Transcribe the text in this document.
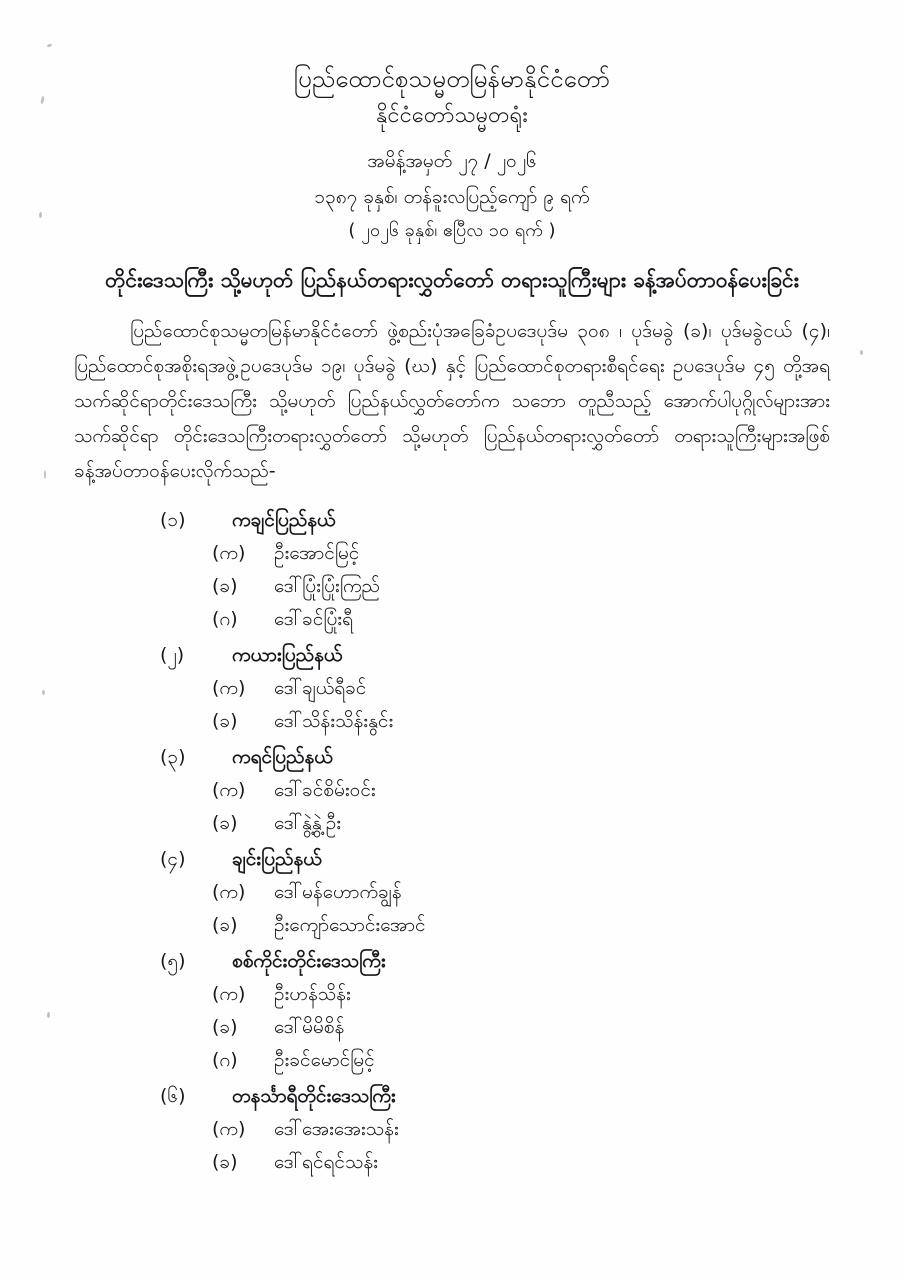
ပြည်ထောင်စုသမ္မတမြန်မာနိုင်ငံတော်
နိုင်ငံတော်သမ္မတရုံး
အမိန့်အမှတ် ၂၇ / ၂၀၂၆
၁၃၈၇ ခုနှစ်၊ တန်ခူးလပြည့်ကျော် ၉ ရက်
( ၂၀၂၆ ခုနှစ်၊ ဧပြီလ ၁၀ ရက် )
တိုင်းဒေသကြီး သို့မဟုတ် ပြည်နယ်တရားလွှတ်တော် တရားသူကြီးများ ခန့်အပ်တာဝန်ပေးခြင်း
ပြည်ထောင်စုသမ္မတမြန်မာနိုင်ငံတော် ဖွဲ့စည်းပုံအခြေခံဥပဒေပုဒ်မ ၃၀၈ ၊ ပုဒ်မခွဲ (ခ)၊ ပုဒ်မခွဲငယ် (၄)၊ ပြည်ထောင်စုအစိုးရအဖွဲ့ဥပဒေပုဒ်မ ၁၉၊ ပုဒ်မခွဲ (ဃ) နှင့် ပြည်ထောင်စုတရားစီရင်ရေး ဥပဒေပုဒ်မ ၄၅ တို့အရ သက်ဆိုင်ရာတိုင်းဒေသကြီး သို့မဟုတ် ပြည်နယ်လွှတ်တော်က သဘော တူညီသည့် အောက်ပါပုဂ္ဂိုလ်များအား သက်ဆိုင်ရာ တိုင်းဒေသကြီးတရားလွှတ်တော် သို့မဟုတ် ပြည်နယ်တရားလွှတ်တော် တရားသူကြီးများအဖြစ် ခန့်အပ်တာဝန်ပေးလိုက်သည်-
(၁)	ကချင်ပြည်နယ်
(က)	ဦးအောင်မြင့်
(ခ)	ဒေါ်ပြုံးပြုံးကြည်
(ဂ)	ဒေါ်ခင်ပြုံးရီ
(၂)	ကယားပြည်နယ်
(က)	ဒေါ်ချယ်ရီခင်
(ခ)	ဒေါ်သိန်းသိန်းနွင်း
(၃)	ကရင်ပြည်နယ်
(က)	ဒေါ်ခင်စိမ်းဝင်း
(ခ)	ဒေါ်နွဲ့နွဲ့ဦး
(၄)	ချင်းပြည်နယ်
(က)	ဒေါ်မန်ဟောက်ချွန်
(ခ)	ဦးကျော်သောင်းအောင်
(၅)	စစ်ကိုင်းတိုင်းဒေသကြီး
(က)	ဦးဟန်သိန်း
(ခ)	ဒေါ်မိမိစိန်
(ဂ)	ဦးခင်မောင်မြင့်
(၆)	တနင်္သာရီတိုင်းဒေသကြီး
(က)	ဒေါ်အေးအေးသန်း
(ခ)	ဒေါ်ရင်ရင်သန်း
